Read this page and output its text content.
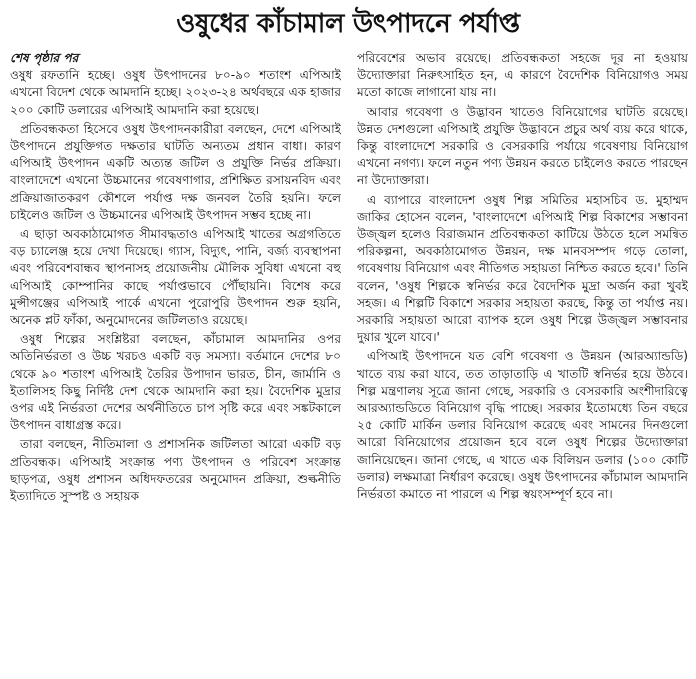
ওষুধের কাঁচামাল উৎপাদনে পর্যাপ্ত

শেষ পৃষ্ঠার পর
ওষুধ রফতানি হচ্ছে। ওষুধ উৎপাদনের ৮০-৯০ শতাংশ এপিআই এখনো বিদেশ থেকে আমদানি হচ্ছে। ২০২৩-২৪ অর্থবছরে এক হাজার ২০০ কোটি ডলারের এপিআই আমদানি করা হয়েছে।

প্রতিবন্ধকতা হিসেবে ওষুধ উৎপাদনকারীরা বলছেন, দেশে এপিআই উৎপাদনে প্রযুক্তিগত দক্ষতার ঘাটতি অন্যতম প্রধান বাধা। কারণ এপিআই উৎপাদন একটি অত্যন্ত জটিল ও প্রযুক্তি নির্ভর প্রক্রিয়া। বাংলাদেশে এখনো উচ্চমানের গবেষণাগার, প্রশিক্ষিত রসায়নবিদ এবং প্রক্রিয়াজাতকরণ কৌশলে পর্যাপ্ত দক্ষ জনবল তৈরি হয়নি। ফলে চাইলেও জটিল ও উচ্চমানের এপিআই উৎপাদন সম্ভব হচ্ছে না।

এ ছাড়া অবকাঠামোগত সীমাবদ্ধতাও এপিআই খাতের অগ্রগতিতে বড় চ্যালেঞ্জ হয়ে দেখা দিয়েছে। গ্যাস, বিদ্যুৎ, পানি, বর্জ্য ব্যবস্থাপনা এবং পরিবেশবান্ধব স্থাপনাসহ প্রয়োজনীয় মৌলিক সুবিধা এখনো বহু এপিআই কোম্পানির কাছে পর্যাপ্তভাবে পৌঁছায়নি। বিশেষ করে মুন্সীগঞ্জের এপিআই পার্কে এখনো পুরোপুরি উৎপাদন শুরু হয়নি, অনেক প্লট ফাঁকা, অনুমোদনের জটিলতাও রয়েছে।

ওষুধ শিল্পের সংশ্লিষ্টরা বলছেন, কাঁচামাল আমদানির ওপর অতিনির্ভরতা ও উচ্চ খরচও একটি বড় সমস্যা। বর্তমানে দেশের ৮০ থেকে ৯০ শতাংশ এপিআই তৈরির উপাদান ভারত, চীন, জার্মানি ও ইতালিসহ কিছু নির্দিষ্ট দেশ থেকে আমদানি করা হয়। বৈদেশিক মুদ্রার ওপর এই নির্ভরতা দেশের অর্থনীতিতে চাপ সৃষ্টি করে এবং সঙ্কটকালে উৎপাদন বাধাগ্রস্ত করে।

তারা বলছেন, নীতিমালা ও প্রশাসনিক জটিলতা আরো একটি বড় প্রতিবন্ধক। এপিআই সংক্রান্ত পণ্য উৎপাদন ও পরিবেশ সংক্রান্ত ছাড়পত্র, ওষুধ প্রশাসন অধিদফতরের অনুমোদন প্রক্রিয়া, শুল্কনীতি ইত্যাদিতে সুস্পষ্ট ও সহায়ক

পরিবেশের অভাব রয়েছে। প্রতিবন্ধকতা সহজে দূর না হওয়ায় উদ্যোক্তারা নিরুৎসাহিত হন, এ কারণে বৈদেশিক বিনিয়োগও সময় মতো কাজে লাগানো যায় না।

আবার গবেষণা ও উদ্ভাবন খাতেও বিনিয়োগের ঘাটতি রয়েছে। উন্নত দেশগুলো এপিআই প্রযুক্তি উদ্ভাবনে প্রচুর অর্থ ব্যয় করে থাকে, কিন্তু বাংলাদেশে সরকারি ও বেসরকারি পর্যায়ে গবেষণায় বিনিয়োগ এখনো নগণ্য। ফলে নতুন পণ্য উন্নয়ন করতে চাইলেও করতে পারছেন না উদ্যোক্তারা।

এ ব্যাপারে বাংলাদেশ ওষুধ শিল্প সমিতির মহাসচিব ড. মুহাম্মদ জাকির হোসেন বলেন, 'বাংলাদেশে এপিআই শিল্প বিকাশের সম্ভাবনা উজ্জ্বল হলেও বিরাজমান প্রতিবন্ধকতা কাটিয়ে উঠতে হলে সমন্বিত পরিকল্পনা, অবকাঠামোগত উন্নয়ন, দক্ষ মানবসম্পদ গড়ে তোলা, গবেষণায় বিনিয়োগ এবং নীতিগত সহায়তা নিশ্চিত করতে হবে।' তিনি বলেন, 'ওষুধ শিল্পকে স্বনির্ভর করে বৈদেশিক মুদ্রা অর্জন করা খুবই সহজ। এ শিল্পটি বিকাশে সরকার সহায়তা করছে, কিন্তু তা পর্যাপ্ত নয়। সরকারি সহায়তা আরো ব্যাপক হলে ওষুধ শিল্পে উজ্জ্বল সম্ভাবনার দুয়ার খুলে যাবে।'

এপিআই উৎপাদনে যত বেশি গবেষণা ও উন্নয়ন (আরঅ্যান্ডডি) খাতে ব্যয় করা যাবে, তত তাড়াতাড়ি এ খাতটি স্বনির্ভর হয়ে উঠবে। শিল্প মন্ত্রণালয় সূত্রে জানা গেছে, সরকারি ও বেসরকারি অংশীদারিত্বে আরঅ্যান্ডডিতে বিনিয়োগ বৃদ্ধি পাচ্ছে। সরকার ইতোমধ্যে তিন বছরে ২৫ কোটি মার্কিন ডলার বিনিয়োগ করেছে এবং সামনের দিনগুলো আরো বিনিয়োগের প্রয়োজন হবে বলে ওষুধ শিল্পের উদ্যোক্তারা জানিয়েছেন। জানা গেছে, এ খাতে এক বিলিয়ন ডলার (১০০ কোটি ডলার) লক্ষমাত্রা নির্ধারণ করেছে। ওষুধ উৎপাদনের কাঁচামাল আমদানি নির্ভরতা কমাতে না পারলে এ শিল্প স্বয়ংসম্পূর্ণ হবে না।
